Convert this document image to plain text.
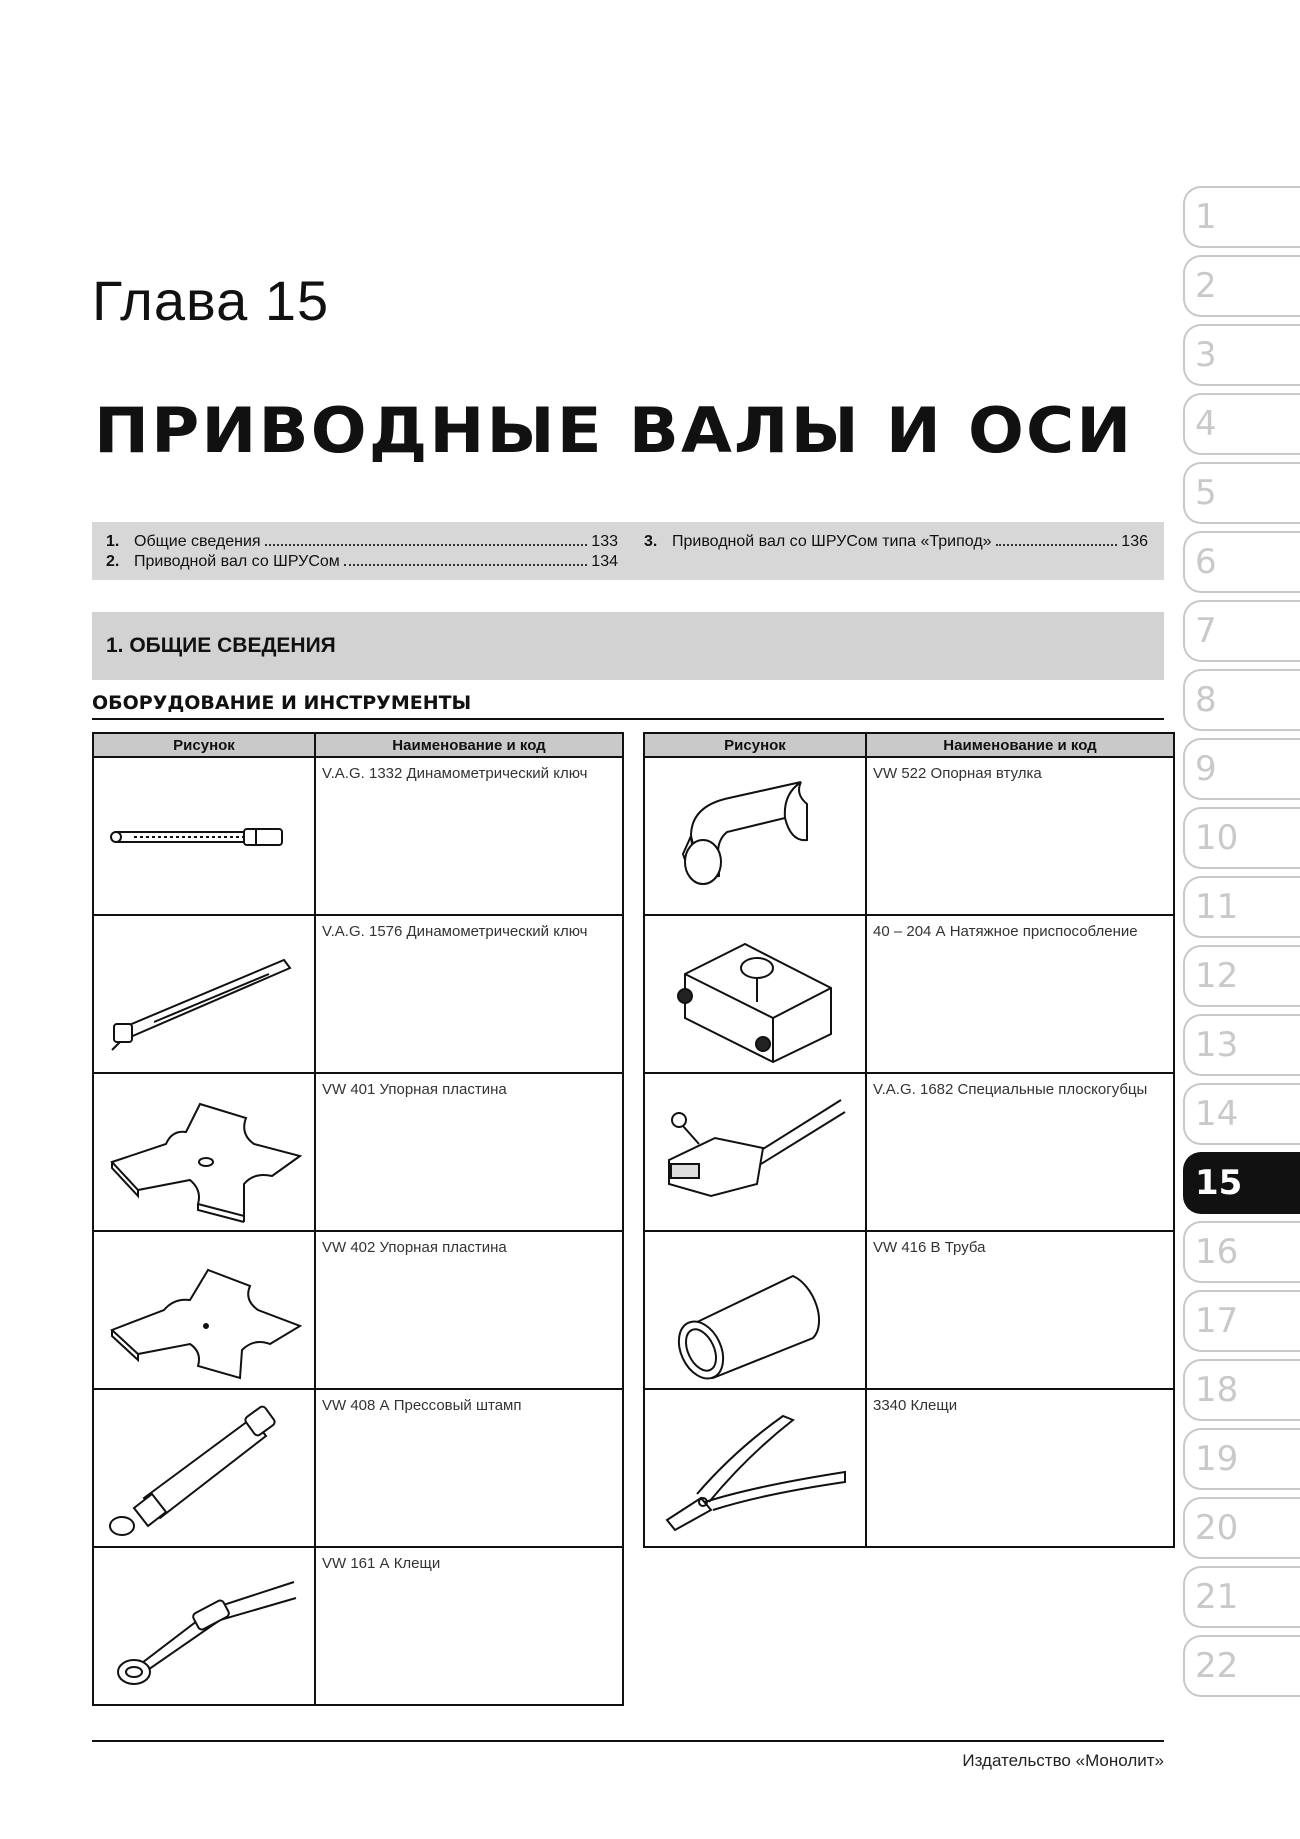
Глава 15
ПРИВОДНЫЕ ВАЛЫ И ОСИ
1. Общие сведения	133
2. Приводной вал со ШРУСом	134
3. Приводной вал со ШРУСом типа «Трипод»	136
1. ОБЩИЕ СВЕДЕНИЯ
ОБОРУДОВАНИЕ И ИНСТРУМЕНТЫ
Рисунок	Наименование и код

	V.A.G. 1332 Динамометрический ключ

	V.A.G. 1576 Динамометрический ключ

	VW 401 Упорная пластина

	VW 402 Упорная пластина

	VW 408 А Прессовый штамп

	VW 161 А Клещи
Рисунок	Наименование и код

	VW 522 Опорная втулка

	40 – 204 А Натяжное приспособление

	V.A.G. 1682 Специальные плоскогубцы

	VW 416 В Труба

	3340 Клещи
1
2
3
4
5
6
7
8
9
10
11
12
13
14
15
16
17
18
19
20
21
22
Издательство «Монолит»
